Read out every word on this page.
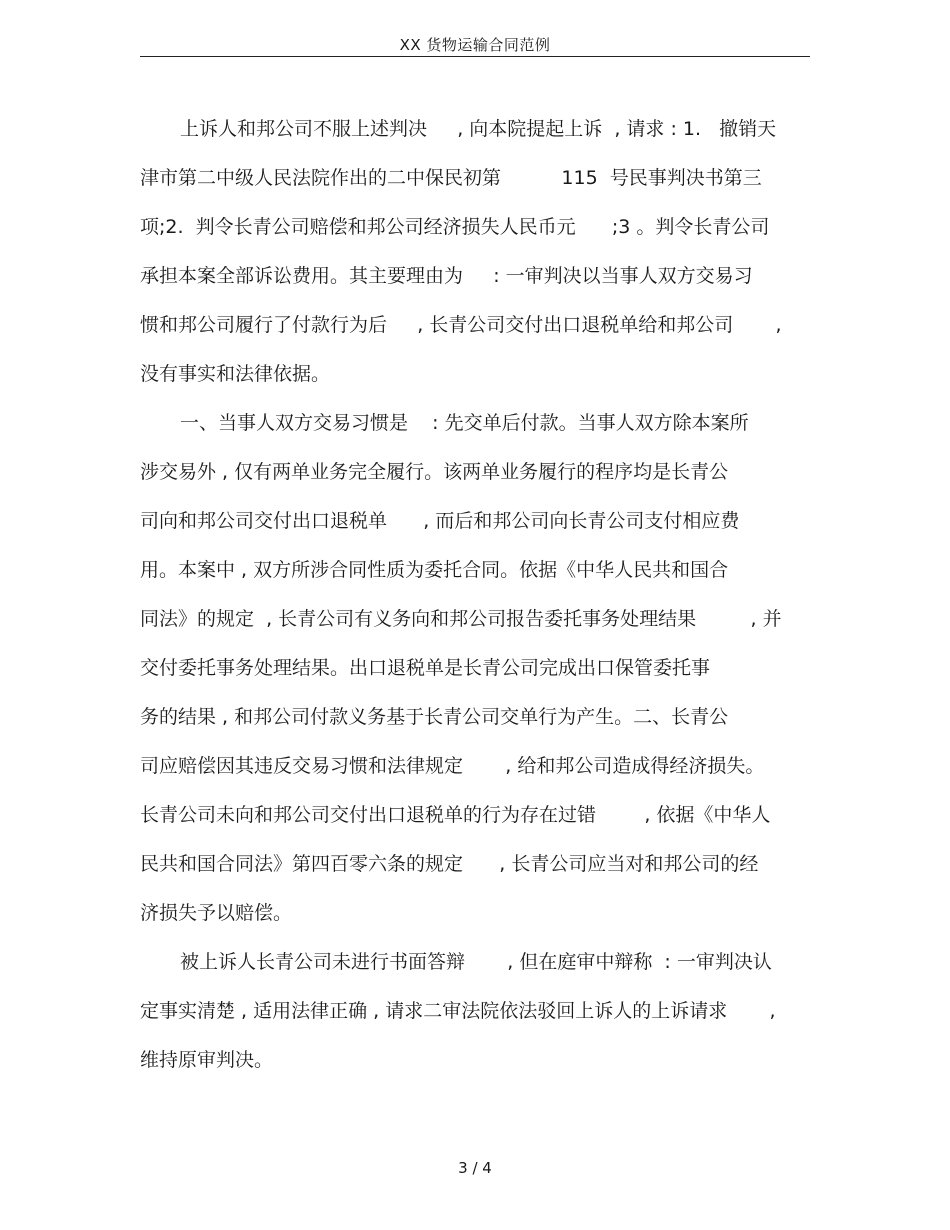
XX 货物运输合同范例
上诉人和邦公司不服上述判决     , 向本院提起上诉  , 请求 : 1.   撤销天
津市第二中级人民法院作出的二中保民初第          115  号民事判决书第三
项;2.  判令长青公司赔偿和邦公司经济损失人民币元      ;3 。判令长青公司
承担本案全部诉讼费用。其主要理由为     : 一审判决以当事人双方交易习
惯和邦公司履行了付款行为后     , 长青公司交付出口退税单给和邦公司       ,
没有事实和法律依据。
一、当事人双方交易习惯是    : 先交单后付款。当事人双方除本案所
涉交易外 , 仅有两单业务完全履行。该两单业务履行的程序均是长青公
司向和邦公司交付出口退税单      , 而后和邦公司向长青公司支付相应费
用。本案中 , 双方所涉合同性质为委托合同。依据《中华人民共和国合
同法》的规定  , 长青公司有义务向和邦公司报告委托事务处理结果         , 并
交付委托事务处理结果。出口退税单是长青公司完成出口保管委托事
务的结果 , 和邦公司付款义务基于长青公司交单行为产生。二、长青公
司应赔偿因其违反交易习惯和法律规定       , 给和邦公司造成得经济损失。
长青公司未向和邦公司交付出口退税单的行为存在过错        , 依据《中华人
民共和国合同法》第四百零六条的规定      , 长青公司应当对和邦公司的经
济损失予以赔偿。
被上诉人长青公司未进行书面答辩       , 但在庭审中辩称  : 一审判决认
定事实清楚 , 适用法律正确 , 请求二审法院依法驳回上诉人的上诉请求       ,
维持原审判决。
3 / 4
